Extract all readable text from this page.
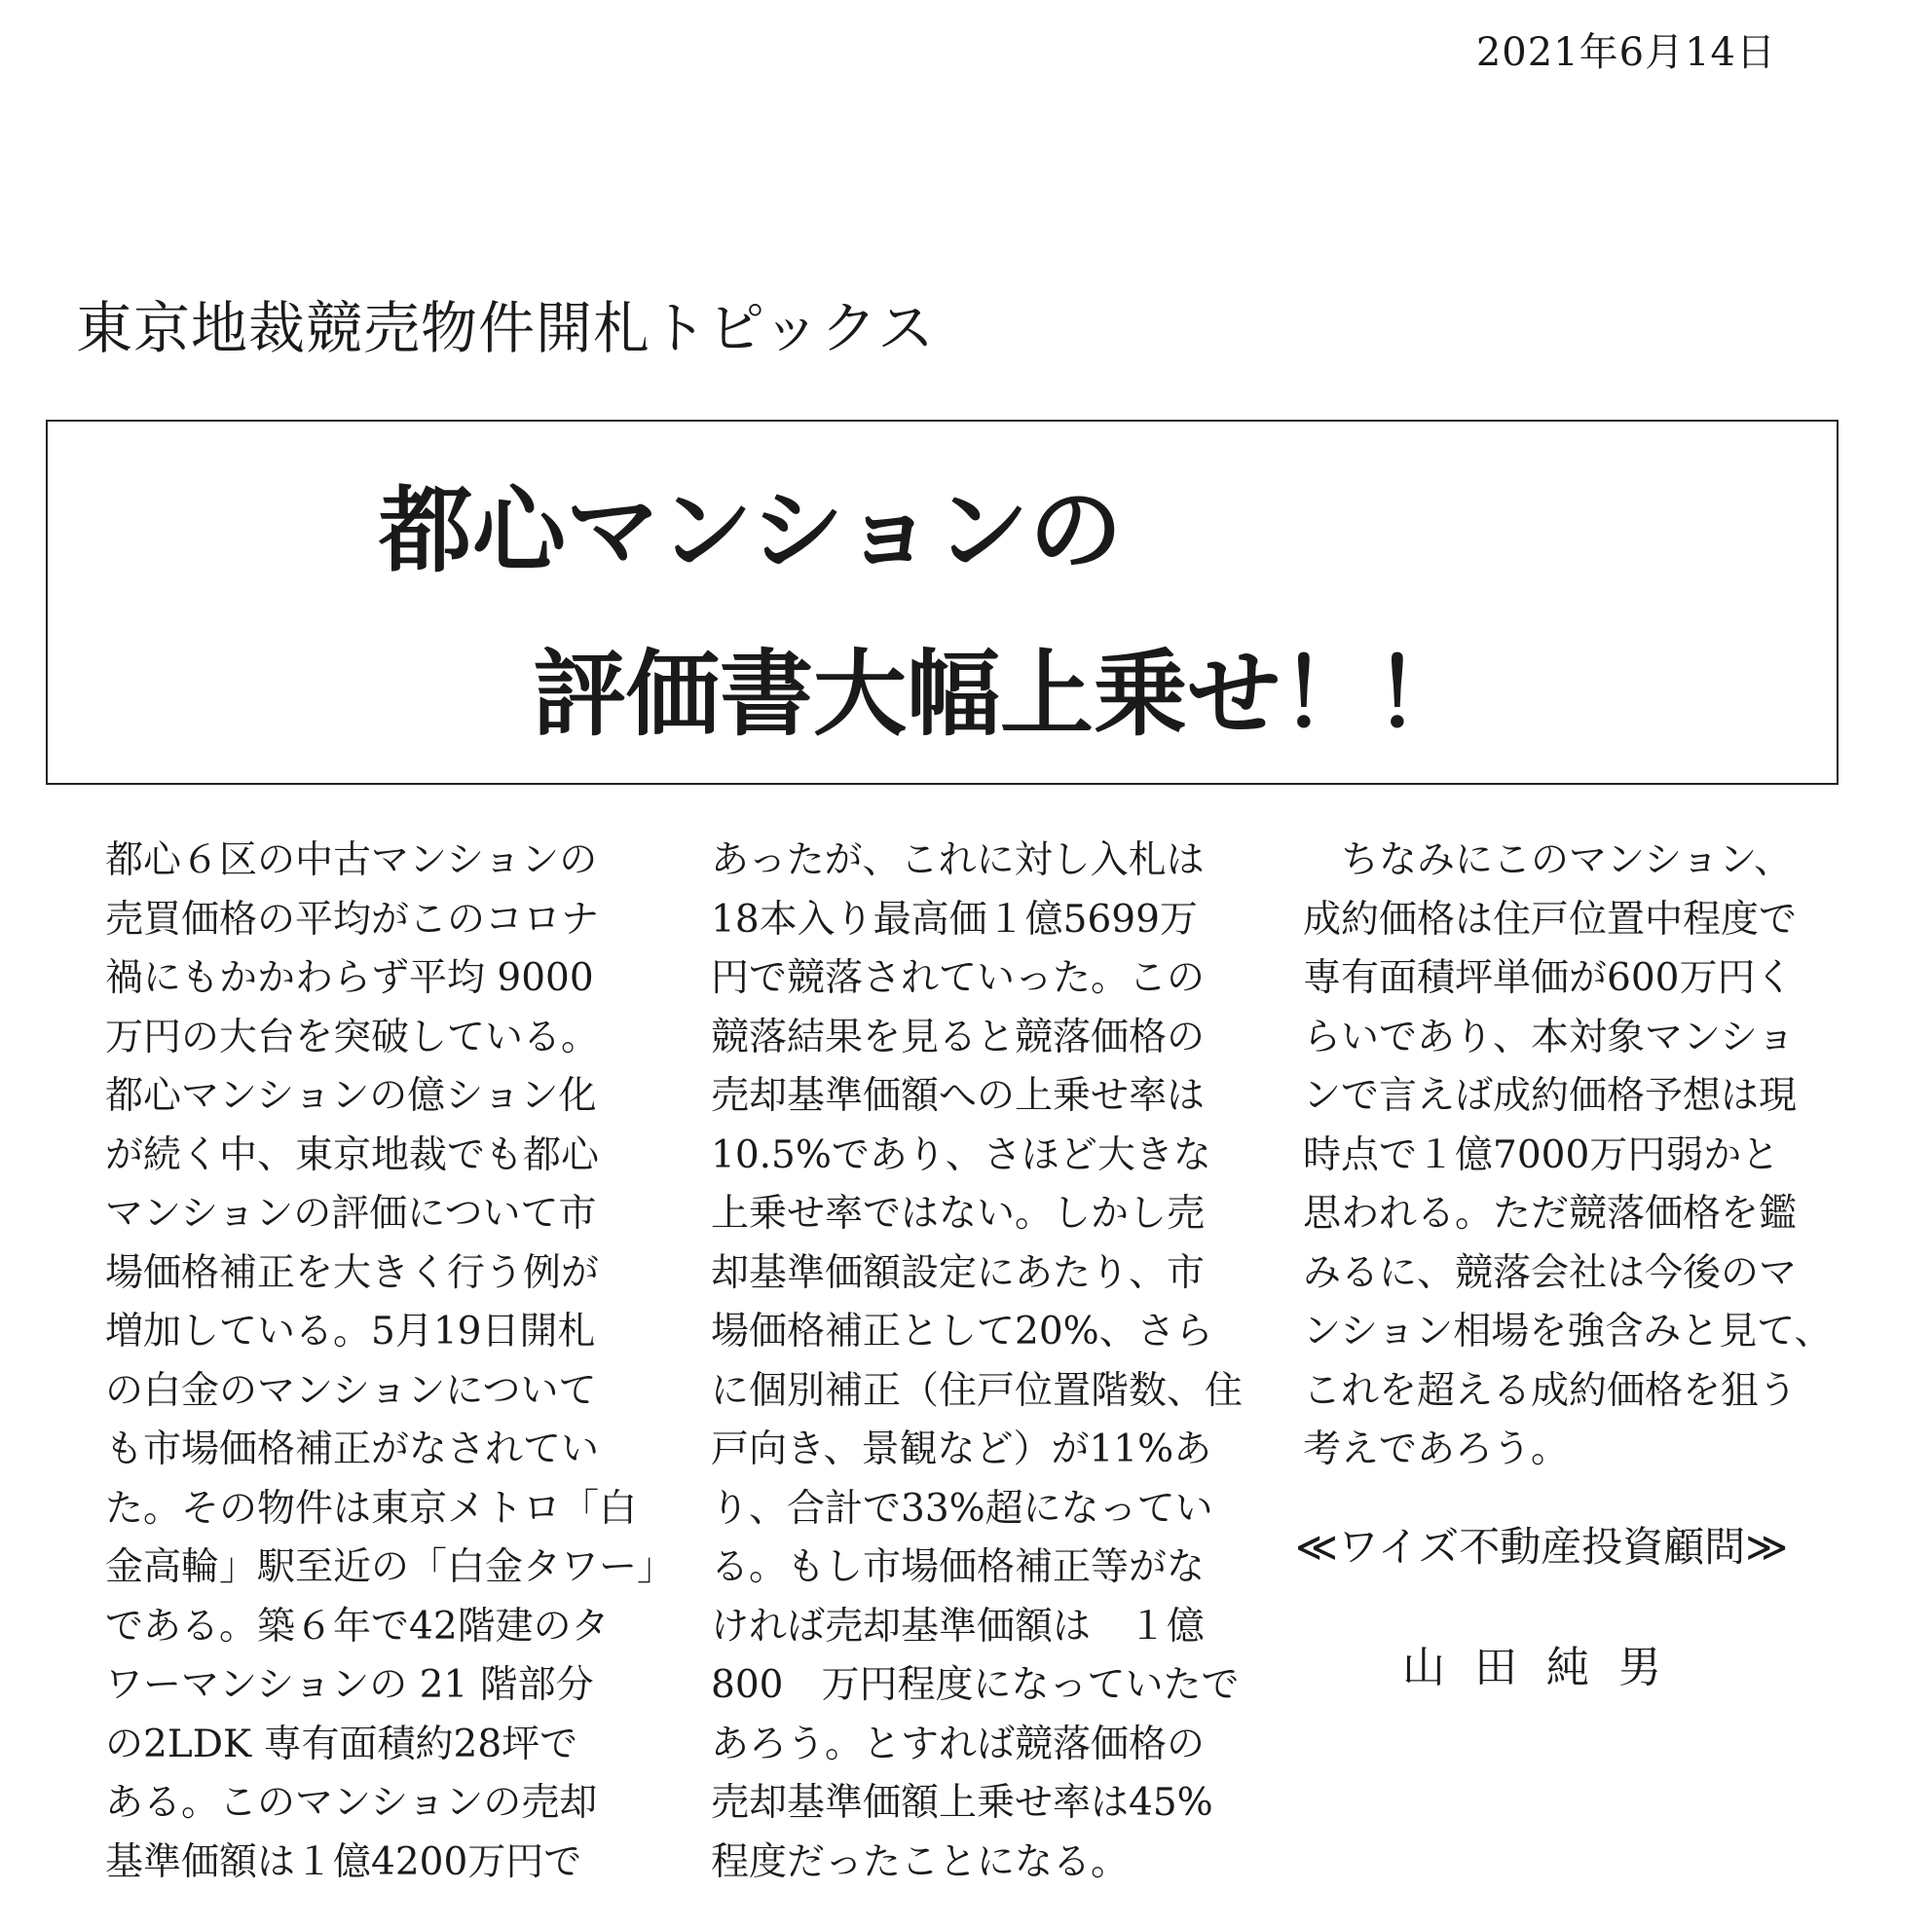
2021年6月14日
東京地裁競売物件開札トピックス
都心マンションの
評価書大幅上乗せ！！
都心６区の中古マンションの
売買価格の平均がこのコロナ
禍にもかかわらず平均 9000
万円の大台を突破している。
都心マンションの億ション化
が続く中、東京地裁でも都心
マンションの評価について市
場価格補正を大きく行う例が
増加している。5月19日開札
の白金のマンションについて
も市場価格補正がなされてい
た。その物件は東京メトロ「白
金高輪」駅至近の「白金タワー」
である。築６年で42階建のタ
ワーマンションの 21 階部分
の2LDK 専有面積約28坪で
ある。このマンションの売却
基準価額は１億4200万円で
あったが、これに対し入札は
18本入り最高価１億5699万
円で競落されていった。この
競落結果を見ると競落価格の
売却基準価額への上乗せ率は
10.5%であり、さほど大きな
上乗せ率ではない。しかし売
却基準価額設定にあたり、市
場価格補正として20%、さら
に個別補正（住戸位置階数、住
戸向き、景観など）が11%あ
り、合計で33%超になってい
る。もし市場価格補正等がな
ければ売却基準価額は　１億
800　万円程度になっていたで
あろう。とすれば競落価格の
売却基準価額上乗せ率は45%
程度だったことになる。
　ちなみにこのマンション、
成約価格は住戸位置中程度で
専有面積坪単価が600万円く
らいであり、本対象マンショ
ンで言えば成約価格予想は現
時点で１億7000万円弱かと
思われる。ただ競落価格を鑑
みるに、競落会社は今後のマ
ンション相場を強含みと見て、
これを超える成約価格を狙う
考えであろう。
≪ワイズ不動産投資顧問≫
山田純男
